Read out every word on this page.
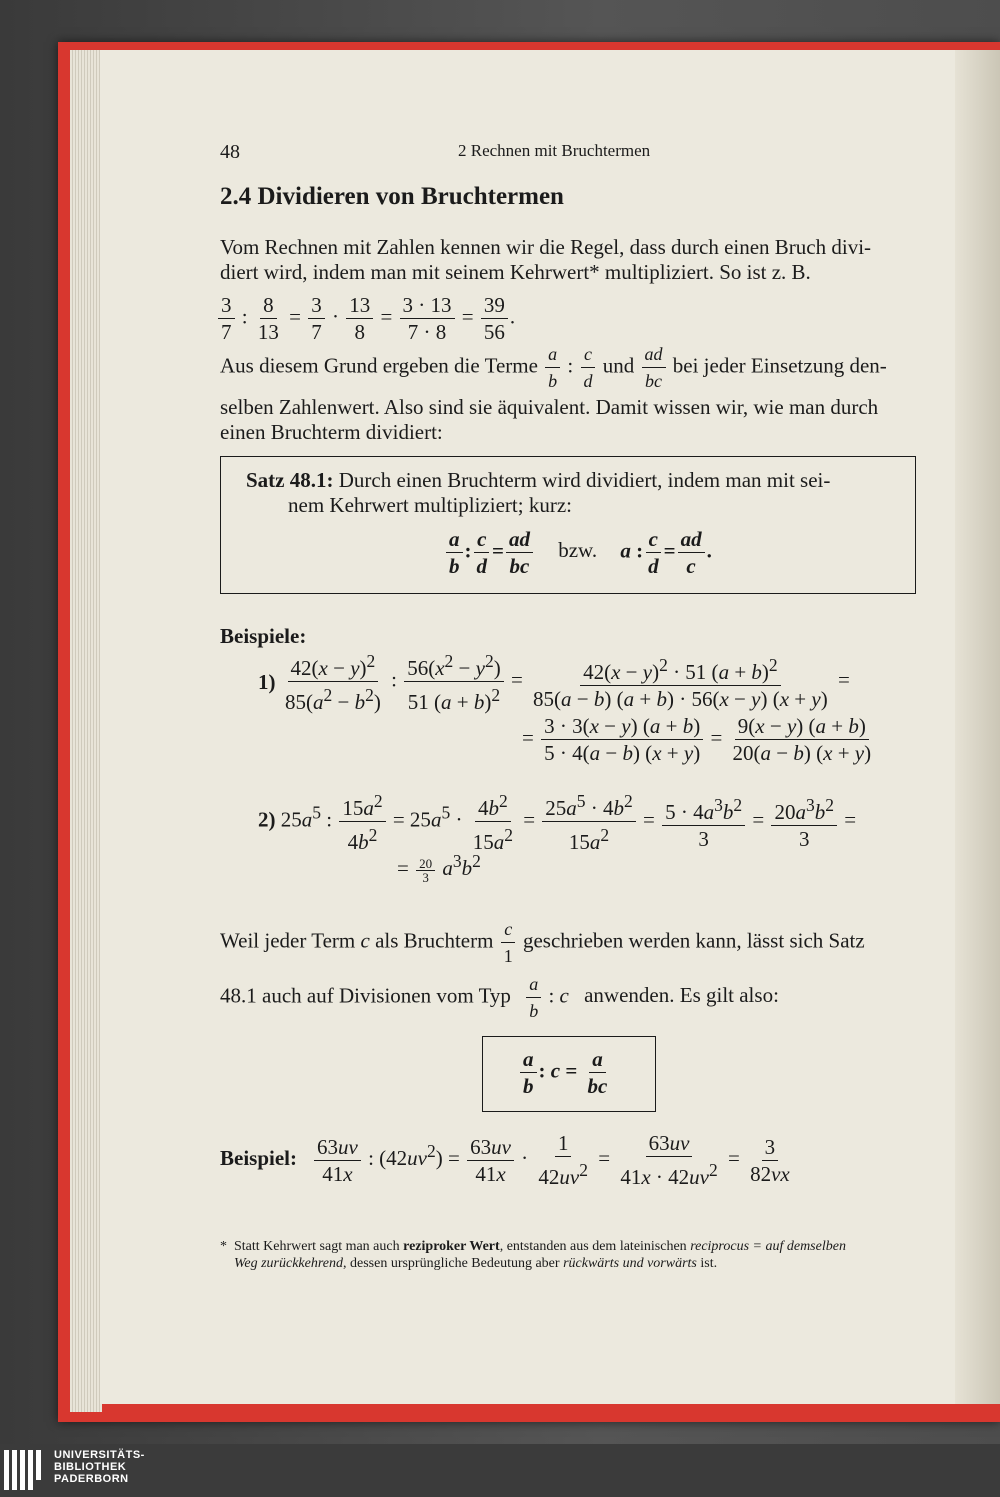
48	2 Rechnen mit Bruchtermen
2.4 Dividieren von Bruchtermen
Vom Rechnen mit Zahlen kennen wir die Regel, dass durch einen Bruch divi-
diert wird, indem man mit seinem Kehrwert* multipliziert. So ist z. B.
$\frac{3}{7}$ : $\frac{8}{13} = \frac{3}{7} \cdot \frac{13}{8} = \frac{3 \cdot 13}{7 \cdot 8} = \frac{39}{56}$ .
Aus diesem Grund ergeben die Terme $\frac{a}{b}$ : $\frac{c}{d}$ und $\frac{ad}{bc}$ bei jeder Einsetzung den-
selben Zahlenwert. Also sind sie äquivalent. Damit wissen wir, wie man durch
einen Bruchterm dividiert:
Satz 48.1: Durch einen Bruchterm wird dividiert, indem man mit sei-
nem Kehrwert multipliziert; kurz:
$\frac{a}{b}$ : $\frac{c}{d} = \frac{ad}{bc}$ bzw. a : $\frac{c}{d} = \frac{ad}{c}$ .
Beispiele:
$1) \frac{42(x - y)^2}{85(a^2 - b^2)}$ : $\frac{56(x^2 - y^2)}{51 (a + b)^2} = \frac{42(x - y)^2 \cdot 51 (a + b)^2}{85(a - b) (a + b) \cdot 56(x - y) (x + y)}$ =
= $\frac{3 \cdot 3(x - y) (a + b)}{5 \cdot 4(a - b) (x + y)} = \frac{9(x - y) (a + b)}{20(a - b) (x + y)}$
2) $25a^5$ : $\frac{15a^2}{4b^2} = 25a^5 \cdot \frac{4b^2}{15a^2} = \frac{25a^5 \cdot 4b^2}{15a^2} = \frac{5 \cdot 4a^3b^2}{3} = \frac{20a^3b^2}{3}$ =
= $\frac{20}{3} a^3b^2$
Weil jeder Term c als Bruchterm $\frac{c}{1}$ geschrieben werden kann, lässt sich Satz
48.1 auch auf Divisionen vom Typ $\frac{a}{b}$ : c anwenden. Es gilt also:
$\frac{a}{b}$ : $c = \frac{a}{bc}$
Beispiel: $\frac{63uv}{41x}$ : $(42uv^2) = \frac{63uv}{41x} \cdot \frac{1}{42uv^2} = \frac{63uv}{41x \cdot 42uv^2} = \frac{3}{82vx}$
* Statt Kehrwert sagt man auch reziproker Wert, entstanden aus dem lateinischen reciprocus = auf demselben
Weg zurückkehrend, dessen ursprüngliche Bedeutung aber rückwärts und vorwärts ist.
UNIVERSITÄTS-
BIBLIOTHEK
PADERBORN
